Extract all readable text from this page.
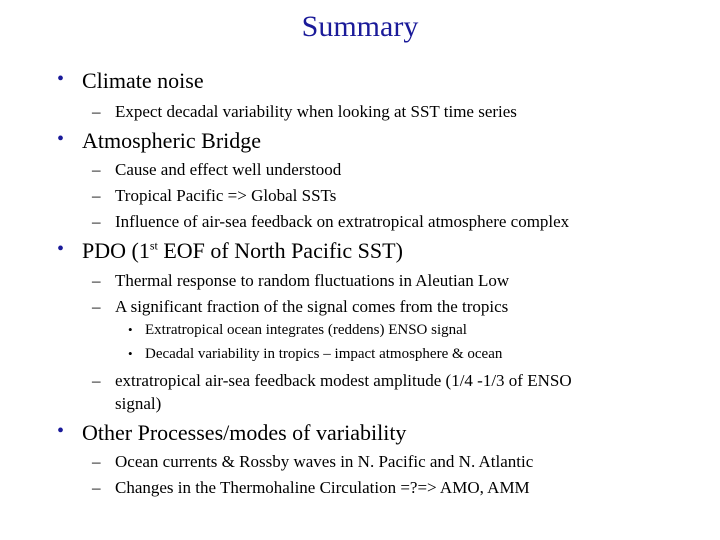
Summary
• Climate noise
– Expect decadal variability when looking at SST time series
• Atmospheric Bridge
– Cause and effect well understood
– Tropical Pacific => Global SSTs
– Influence of air-sea feedback on extratropical atmosphere complex
• PDO (1st EOF of North Pacific SST)
– Thermal response to random fluctuations in Aleutian Low
– A significant fraction of the signal comes from the tropics
• Extratropical ocean integrates (reddens) ENSO signal
• Decadal variability in tropics – impact atmosphere & ocean
– extratropical air-sea feedback modest amplitude (1/4 -1/3 of ENSO
signal)
• Other Processes/modes of variability
– Ocean currents & Rossby waves in N. Pacific and N. Atlantic
– Changes in the Thermohaline Circulation =?=> AMO, AMM
